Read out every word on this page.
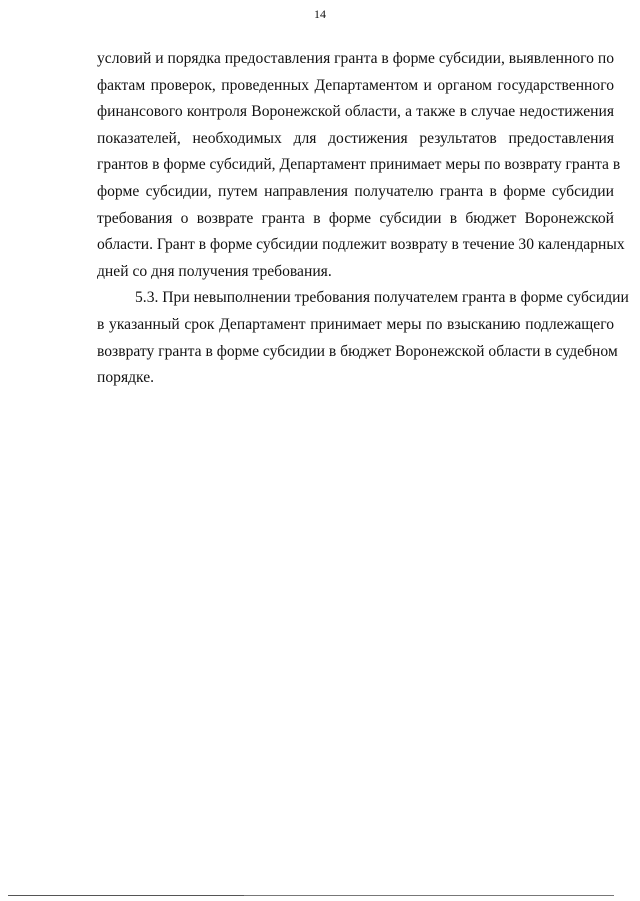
14
условий и порядка предоставления гранта в форме субсидии, выявленного по
фактам проверок, проведенных Департаментом и органом государственного
финансового контроля Воронежской области, а также в случае недостижения
показателей, необходимых для достижения результатов предоставления
грантов в форме субсидий, Департамент принимает меры по возврату гранта в
форме субсидии, путем направления получателю гранта в форме субсидии
требования о возврате гранта в форме субсидии в бюджет Воронежской
области. Грант в форме субсидии подлежит возврату в течение 30 календарных
дней со дня получения требования.
5.3. При невыполнении требования получателем гранта в форме субсидии
в указанный срок Департамент принимает меры по взысканию подлежащего
возврату гранта в форме субсидии в бюджет Воронежской области в судебном
порядке.
